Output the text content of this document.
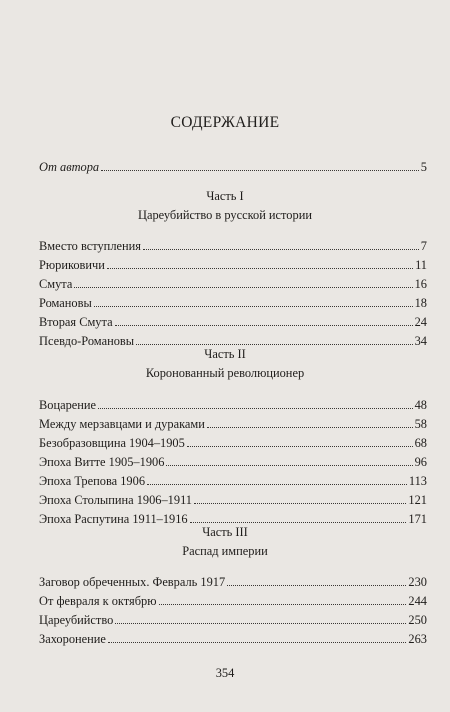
СОДЕРЖАНИЕ
От автора	5
Часть I
Цареубийство в русской истории
Вместо вступления	7
Рюриковичи	11
Смута	16
Романовы	18
Вторая Смута	24
Псевдо-Романовы	34
Часть II
Коронованный революционер
Воцарение	48
Между мерзавцами и дураками	58
Безобразовщина 1904–1905	68
Эпоха Витте 1905–1906	96
Эпоха Трепова 1906	113
Эпоха Столыпина 1906–1911	121
Эпоха Распутина 1911–1916	171
Часть III
Распад империи
Заговор обреченных. Февраль 1917	230
От февраля к октябрю	244
Цареубийство	250
Захоронение	263
354
